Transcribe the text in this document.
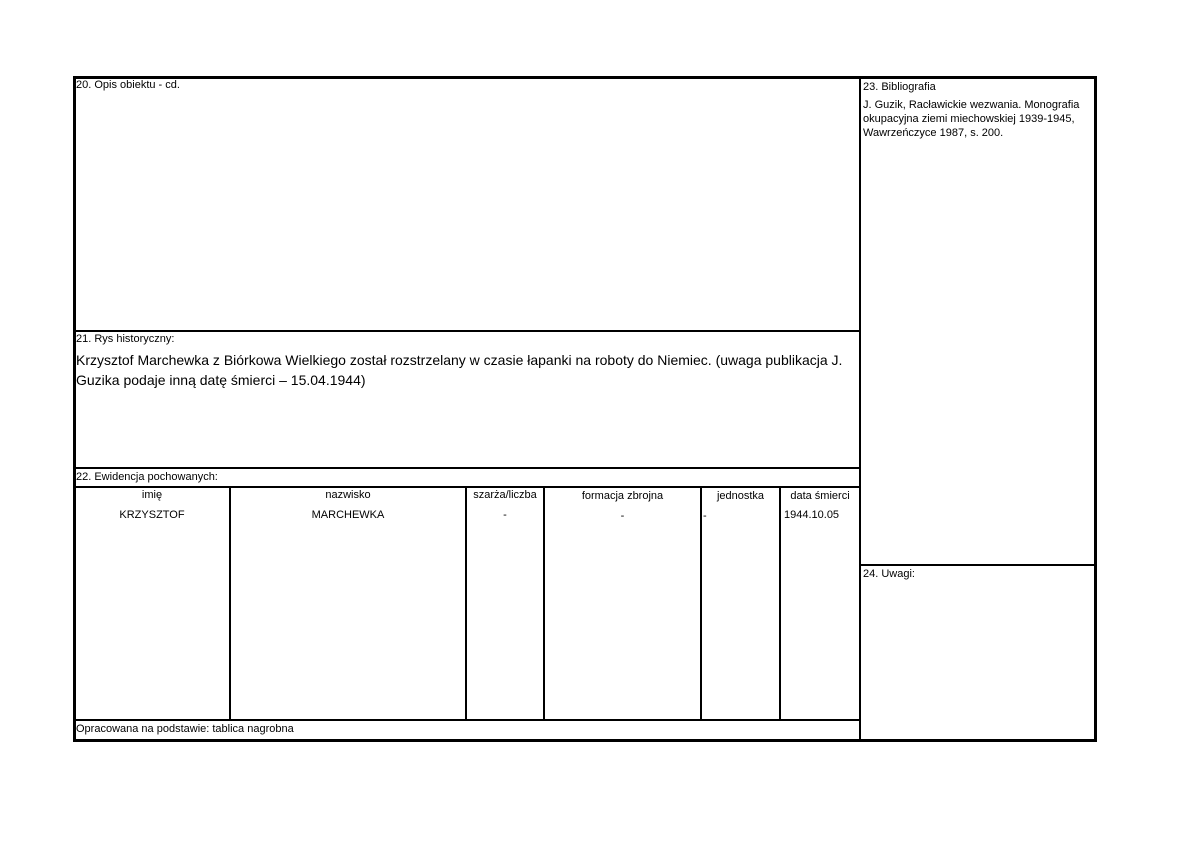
20. Opis obiektu - cd.
21. Rys historyczny:
Krzysztof Marchewka z Biórkowa Wielkiego został rozstrzelany w czasie łapanki na roboty do Niemiec. (uwaga publikacja J. Guzika podaje inną datę śmierci – 15.04.1944)
22. Ewidencja pochowanych:
imię	nazwisko	szarża/liczba	formacja zbrojna	jednostka	data śmierci
KRZYSZTOF	MARCHEWKA	-	-	-	1944.10.05
Opracowana na podstawie: tablica nagrobna
23. Bibliografia
J. Guzik, Racławickie wezwania. Monografia okupacyjna ziemi miechowskiej 1939-1945, Wawrzeńczyce 1987, s. 200.
24. Uwagi:
